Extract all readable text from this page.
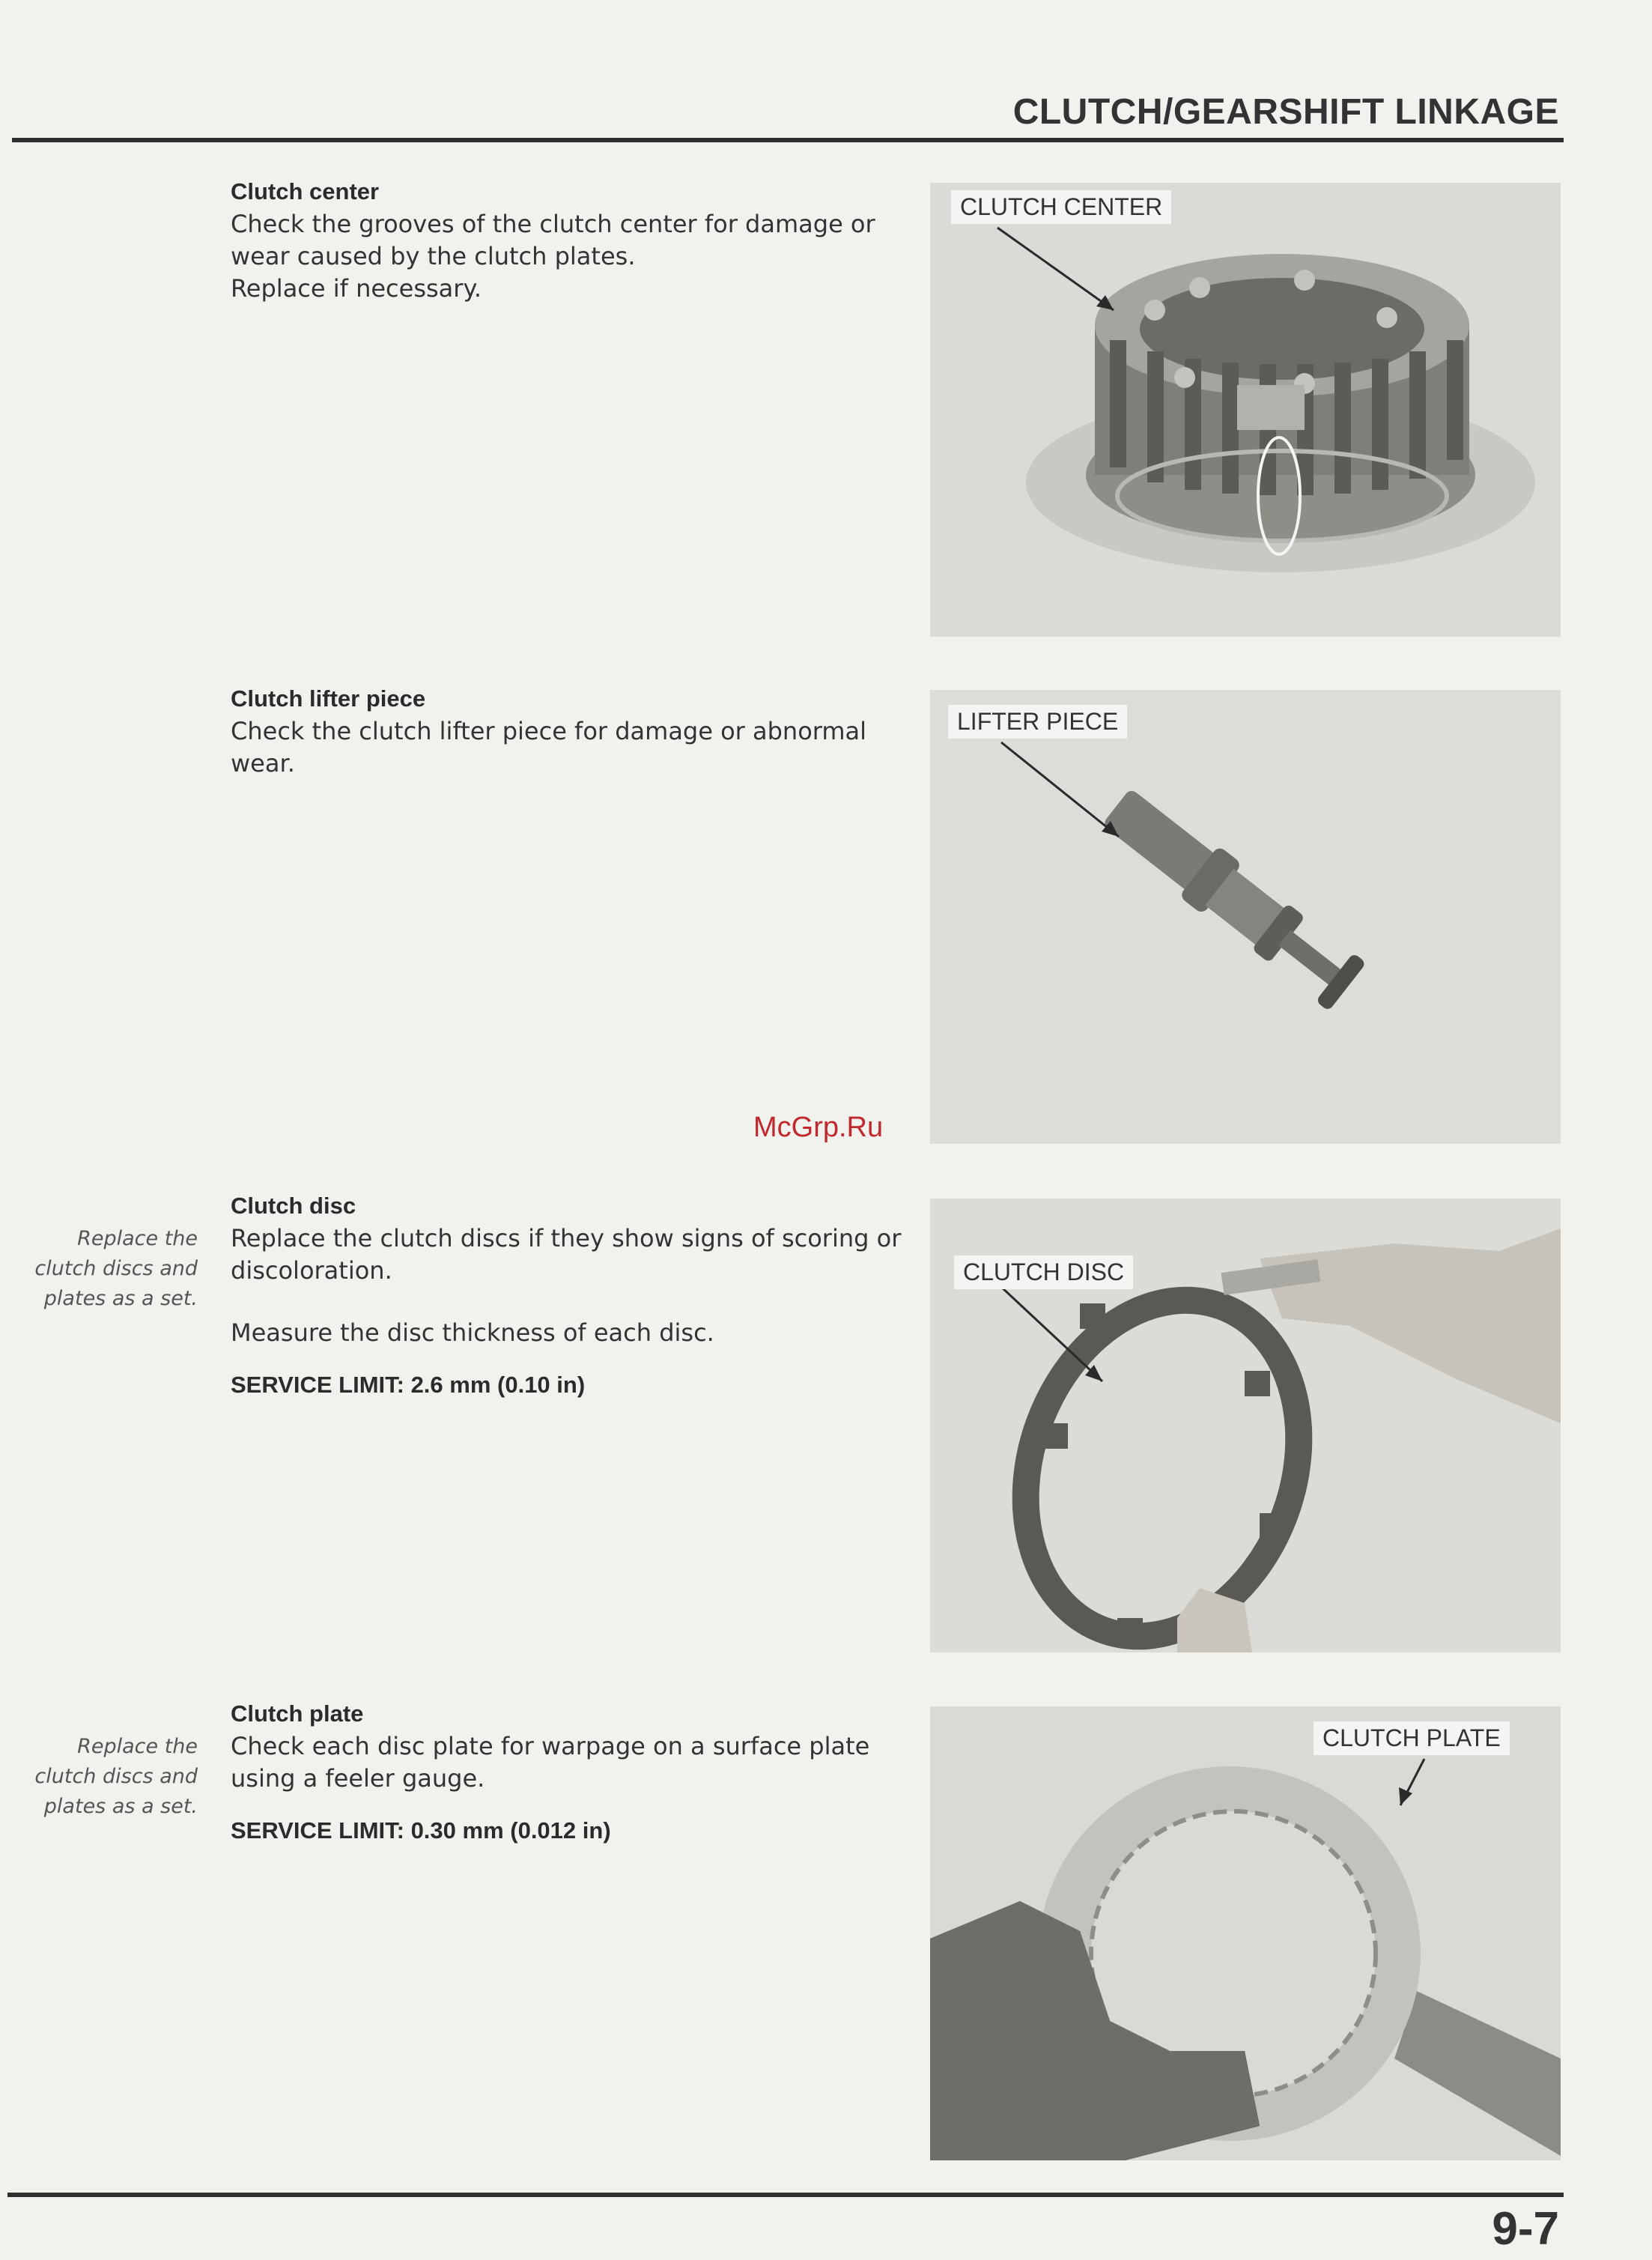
CLUTCH/GEARSHIFT LINKAGE

Clutch center

Check the grooves of the clutch center for damage or wear caused by the clutch plates.

Replace if necessary.

CLUTCH CENTER

Clutch lifter piece

Check the clutch lifter piece for damage or abnormal wear.

LIFTER PIECE
McGrp.Ru
Replace the clutch discs and plates as a set.

Clutch disc

Replace the clutch discs if they show signs of scoring or discoloration.

Measure the disc thickness of each disc.

SERVICE LIMIT: 2.6 mm (0.10 in)

CLUTCH DISC
Replace the clutch discs and plates as a set.

Clutch plate

Check each disc plate for warpage on a surface plate using a feeler gauge.

SERVICE LIMIT: 0.30 mm (0.012 in)

CLUTCH PLATE
9-7
